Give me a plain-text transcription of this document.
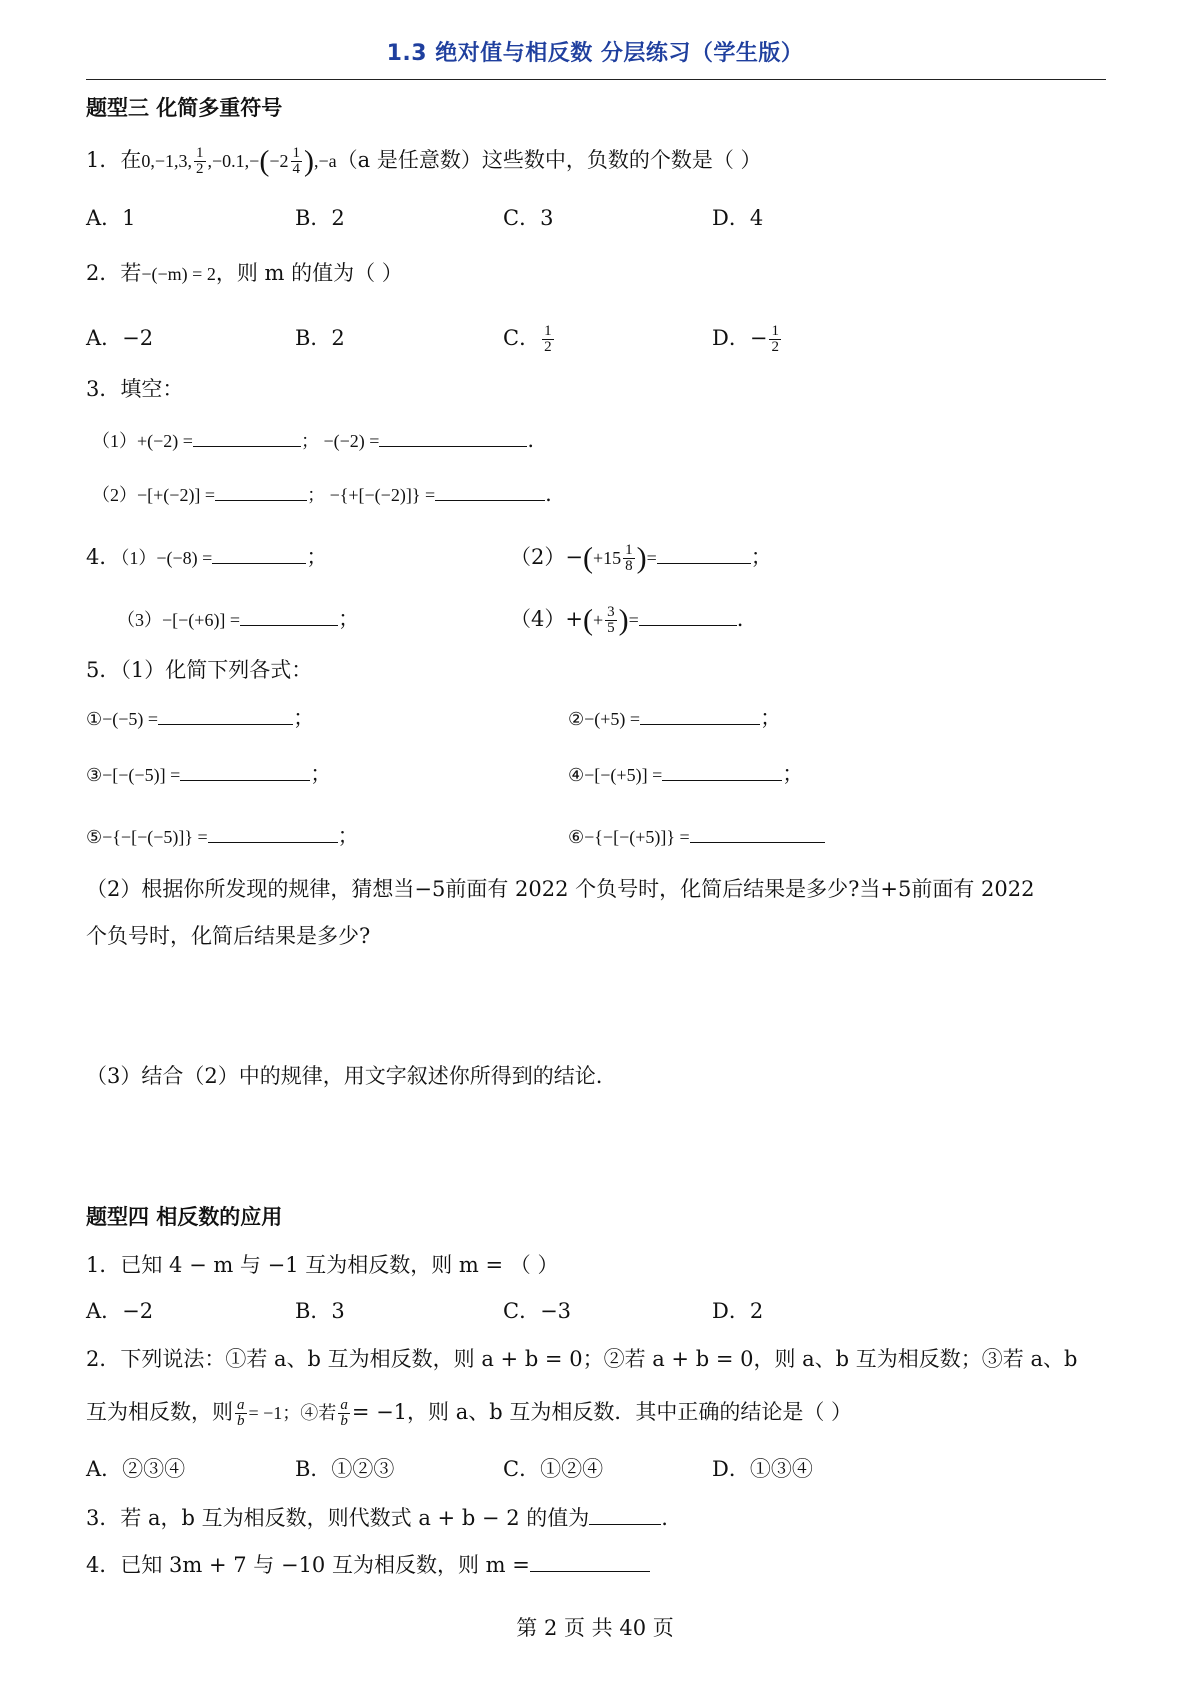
1.3 绝对值与相反数 分层练习（学生版）
题型三 化简多重符号
1．在0,−1,3, $\frac{1}{2} ,-0.1,-(-2 \frac{1}{4} ),-a(a$ 是任意数）这些数中，负数的个数是（ ）
A．1	B．2	C．3	D．4
2．若−(−m) = 2，则 m 的值为（ ）
A．−2	B．2	C． $\frac{1}{2}$	D．− $\frac{1}{2}$
3．填空：
（1）+(−2) =	； −(−2) =	.
（2）−[+(−2)] =	； −{+[−(−2)]} =	.
4．（1）−(−8) =	；	$(2)-(+15 \frac{1}{8}$ )=	；
（3）−[−(+6)] =	；	$(4)+(+ \frac{3}{5}$ )=	.
5．（1）化简下列各式：
①−(−5) =	；	②−(+5) =	；
③−[−(−5)] =	；	④−[−(+5)] =	；
⑤−{−[−(−5)]} =	；	⑥−{−[−(+5)]} =
（2）根据你所发现的规律，猜想当−5前面有 2022 个负号时，化简后结果是多少?当+5前面有 2022
个负号时，化简后结果是多少?
（3）结合（2）中的规律，用文字叙述你所得到的结论.
题型四 相反数的应用
1．已知 4 − m 与 −1 互为相反数，则 m = （ ）
A．−2	B．3	C．−3	D．2
2．下列说法：①若 a、b 互为相反数，则 a + b = 0；②若 a + b = 0，则 a、b 互为相反数；③若 a、b
互为相反数，则 $\frac{a}{b} = -1$；④若 $\frac{a}{b} = -1$，则 a、b 互为相反数．其中正确的结论是（ ）
A．②③④	B．①②③	C．①②④	D．①③④
3．若 a，b 互为相反数，则代数式 a + b − 2 的值为	.
4．已知 3m + 7 与 −10 互为相反数，则 m =
第 2 页 共 40 页
